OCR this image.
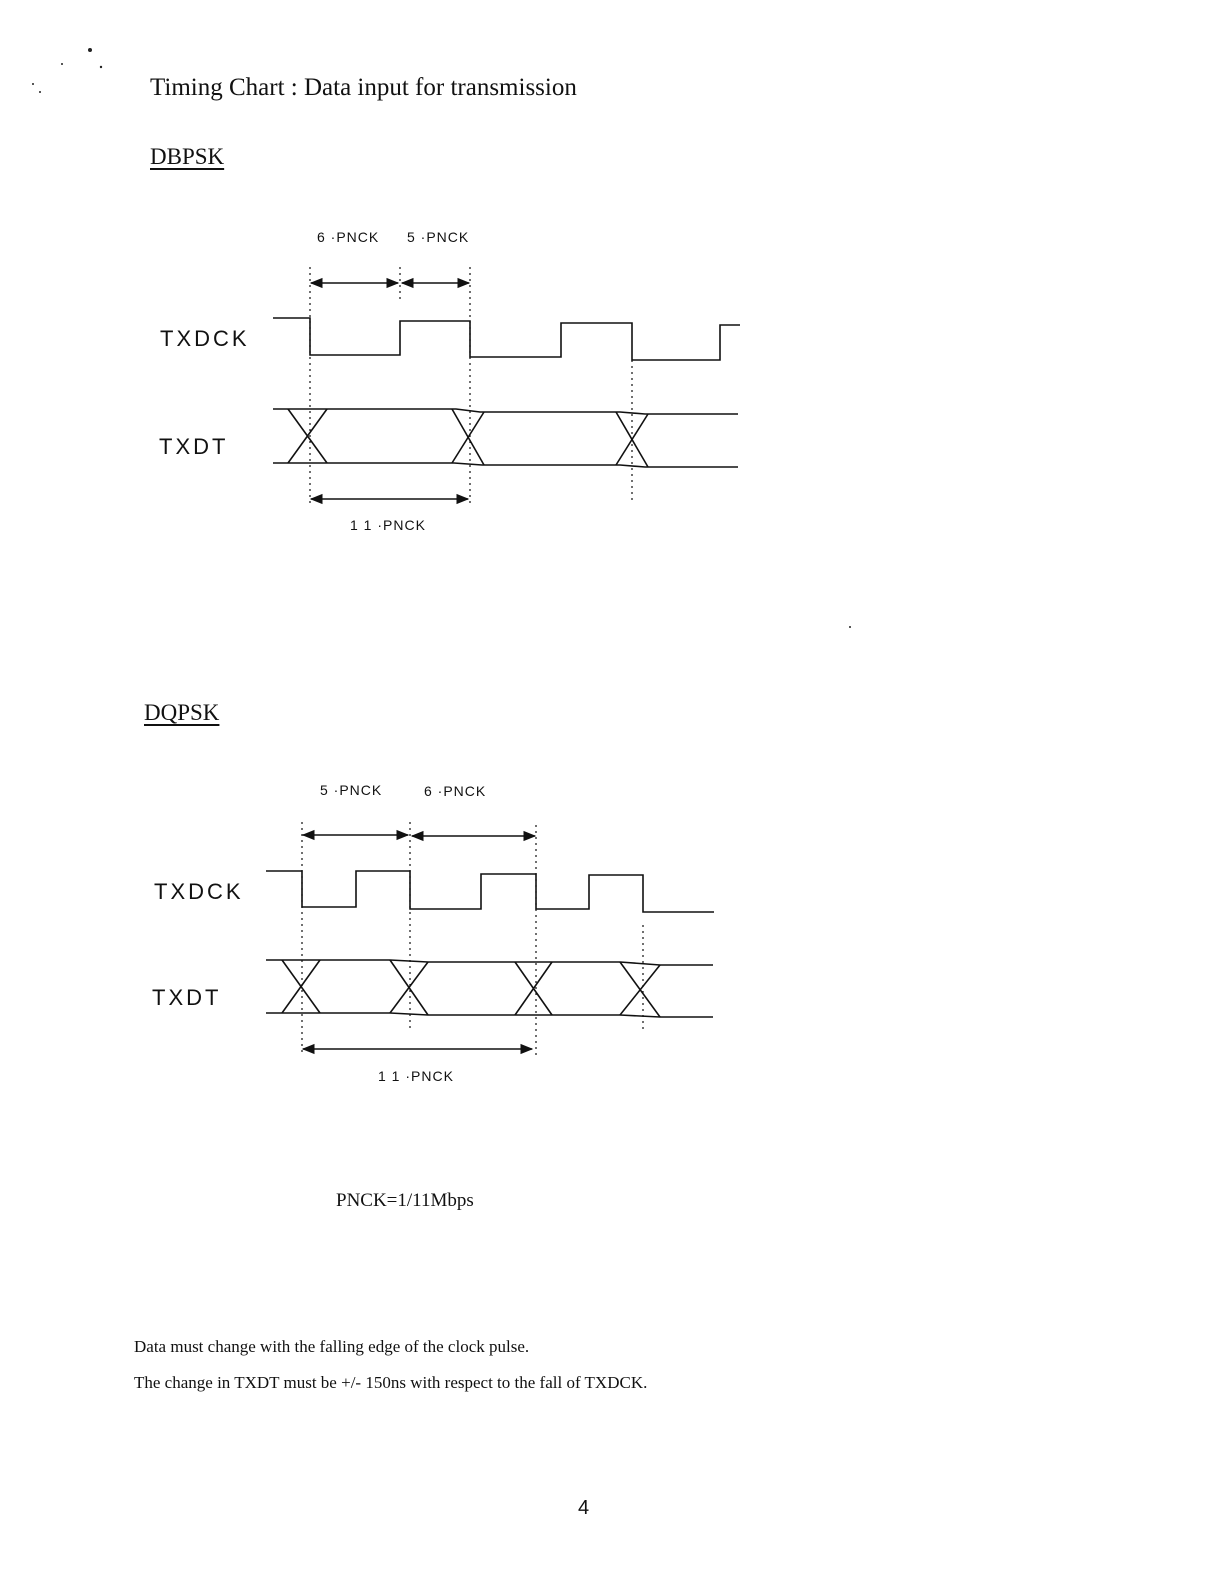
Timing Chart : Data input for transmission
DBPSK
DQPSK
TXDCK
TXDT
TXDCK
TXDT
6 ·PNCK 5 ·PNCK
1 1 ·PNCK
5 ·PNCK	6 ·PNCK
1 1 ·PNCK
PNCK=1/11Mbps
Data must change with the falling edge of the clock pulse.
The change in TXDT must be +/- 150ns with respect to the fall of TXDCK.
4
